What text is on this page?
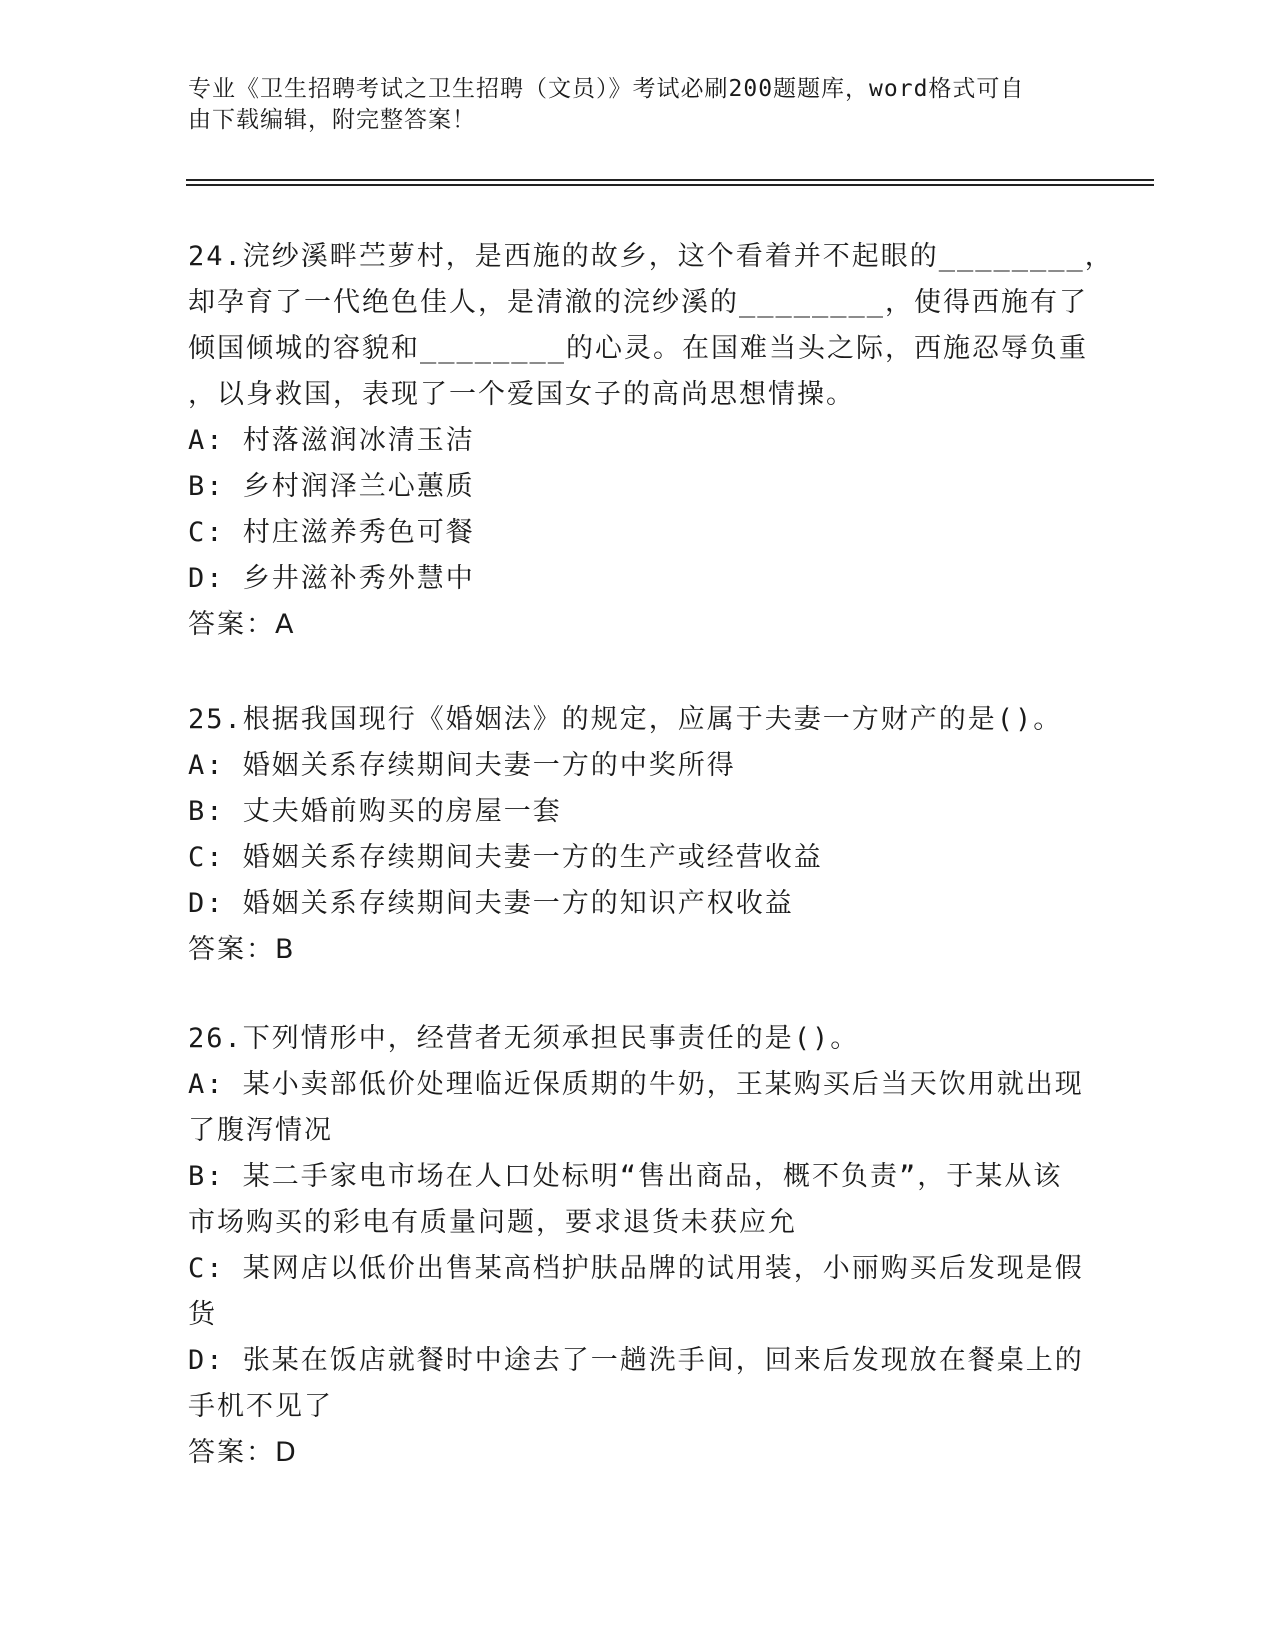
专业《卫生招聘考试之卫生招聘（文员）》考试必刷200题题库，word格式可自
由下载编辑，附完整答案！
24.浣纱溪畔苎萝村，是西施的故乡，这个看着并不起眼的________，
却孕育了一代绝色佳人，是清澈的浣纱溪的________，使得西施有了
倾国倾城的容貌和________的心灵。在国难当头之际，西施忍辱负重
，以身救国，表现了一个爱国女子的高尚思想情操。
A: 村落滋润冰清玉洁
B: 乡村润泽兰心蕙质
C: 村庄滋养秀色可餐
D: 乡井滋补秀外慧中
答案：A
25.根据我国现行《婚姻法》的规定，应属于夫妻一方财产的是()。
A: 婚姻关系存续期间夫妻一方的中奖所得
B: 丈夫婚前购买的房屋一套
C: 婚姻关系存续期间夫妻一方的生产或经营收益
D: 婚姻关系存续期间夫妻一方的知识产权收益
答案：B
26.下列情形中，经营者无须承担民事责任的是()。
A: 某小卖部低价处理临近保质期的牛奶，王某购买后当天饮用就出现
了腹泻情况
B: 某二手家电市场在人口处标明“售出商品，概不负责”，于某从该
市场购买的彩电有质量问题，要求退货未获应允
C: 某网店以低价出售某高档护肤品牌的试用装，小丽购买后发现是假
货
D: 张某在饭店就餐时中途去了一趟洗手间，回来后发现放在餐桌上的
手机不见了
答案：D
